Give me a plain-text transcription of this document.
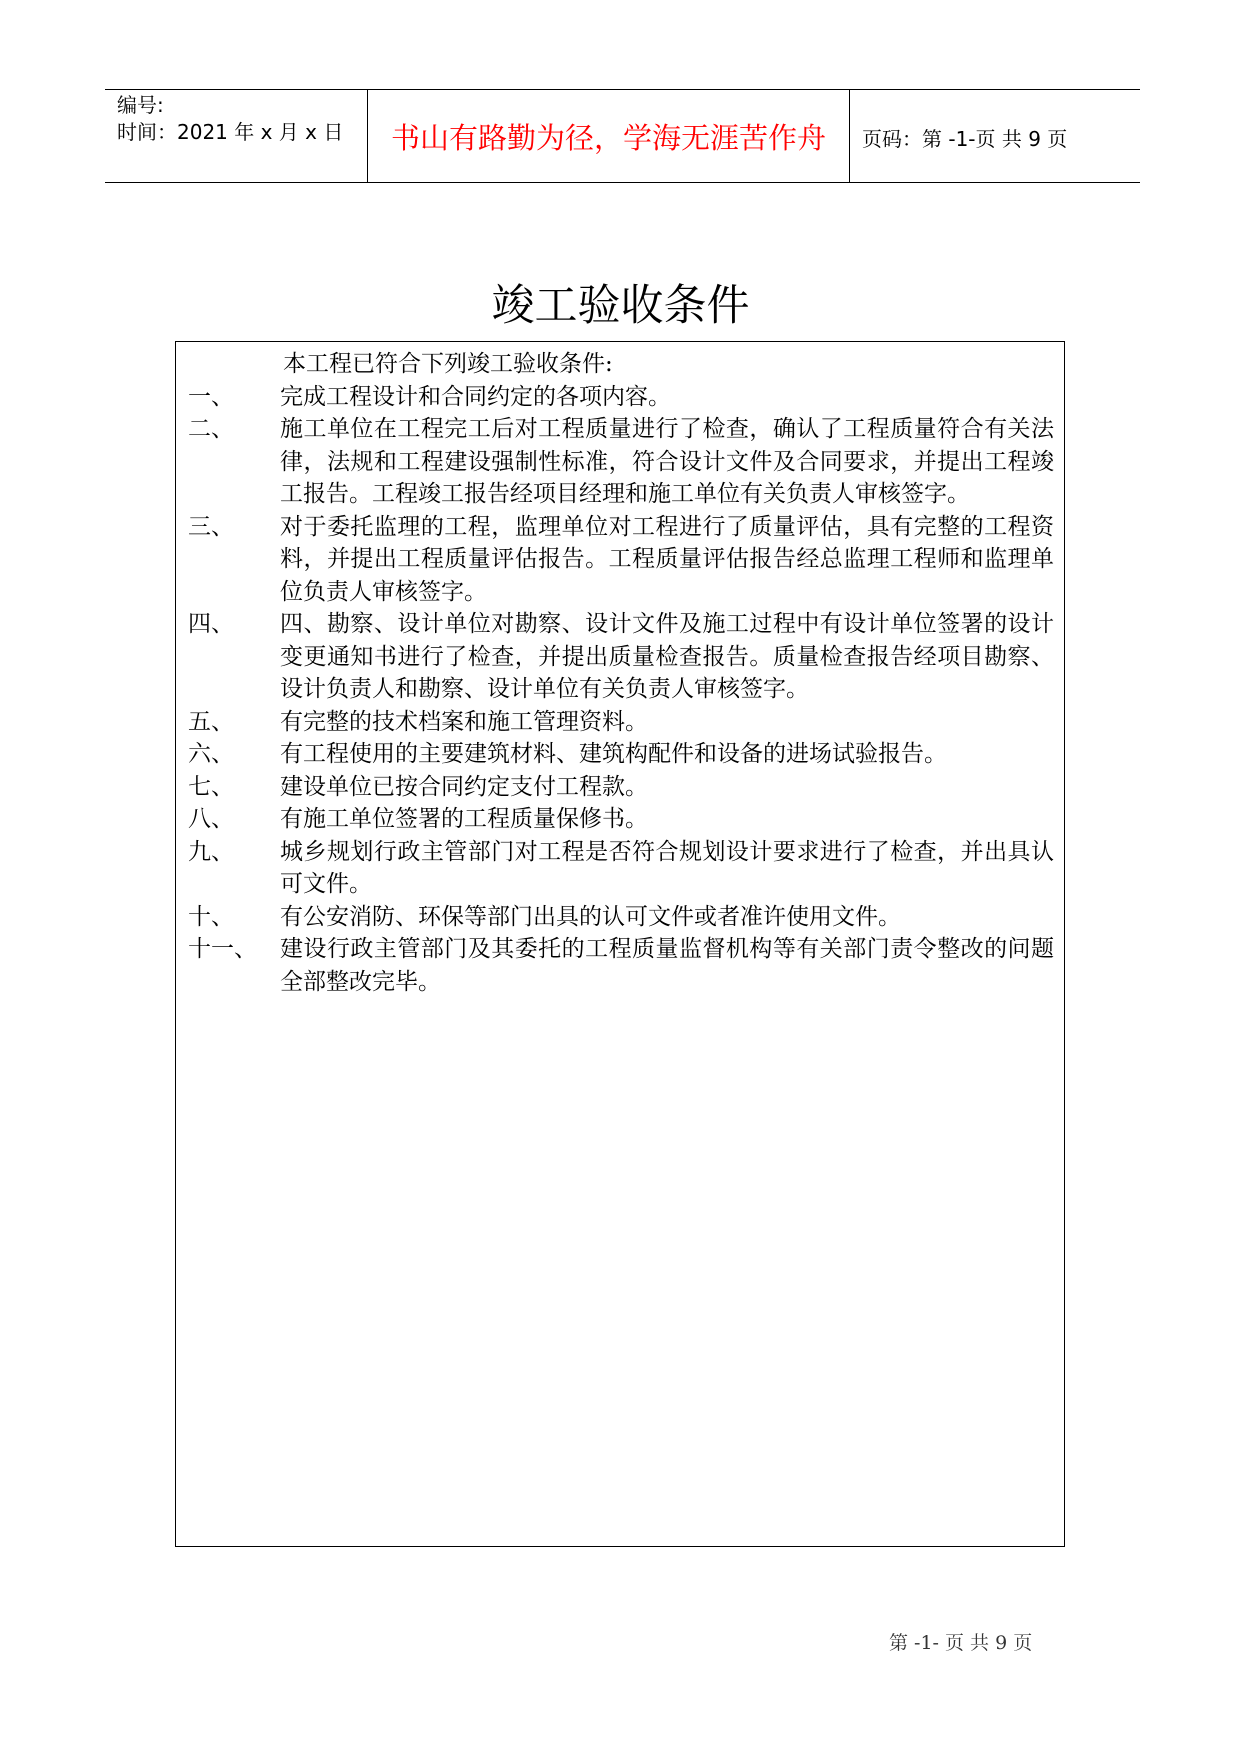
编号:
时间：2021 年 x 月 x 日	书山有路勤为径，学海无涯苦作舟	页码：第 -1-页 共 9 页
竣工验收条件
本工程已符合下列竣工验收条件:
一、	完成工程设计和合同约定的各项内容。
二、	施工单位在工程完工后对工程质量进行了检查，确认了工程质量符合有关法律，法规和工程建设强制性标准，符合设计文件及合同要求，并提出工程竣工报告。工程竣工报告经项目经理和施工单位有关负责人审核签字。
三、	对于委托监理的工程，监理单位对工程进行了质量评估，具有完整的工程资料，并提出工程质量评估报告。工程质量评估报告经总监理工程师和监理单位负责人审核签字。
四、	四、勘察、设计单位对勘察、设计文件及施工过程中有设计单位签署的设计变更通知书进行了检查，并提出质量检查报告。质量检查报告经项目勘察、设计负责人和勘察、设计单位有关负责人审核签字。
五、	有完整的技术档案和施工管理资料。
六、	有工程使用的主要建筑材料、建筑构配件和设备的进场试验报告。
七、	建设单位已按合同约定支付工程款。
八、	有施工单位签署的工程质量保修书。
九、	城乡规划行政主管部门对工程是否符合规划设计要求进行了检查，并出具认可文件。
十、	有公安消防、环保等部门出具的认可文件或者准许使用文件。
十一、	建设行政主管部门及其委托的工程质量监督机构等有关部门责令整改的问题全部整改完毕。
第 -1- 页 共 9 页
